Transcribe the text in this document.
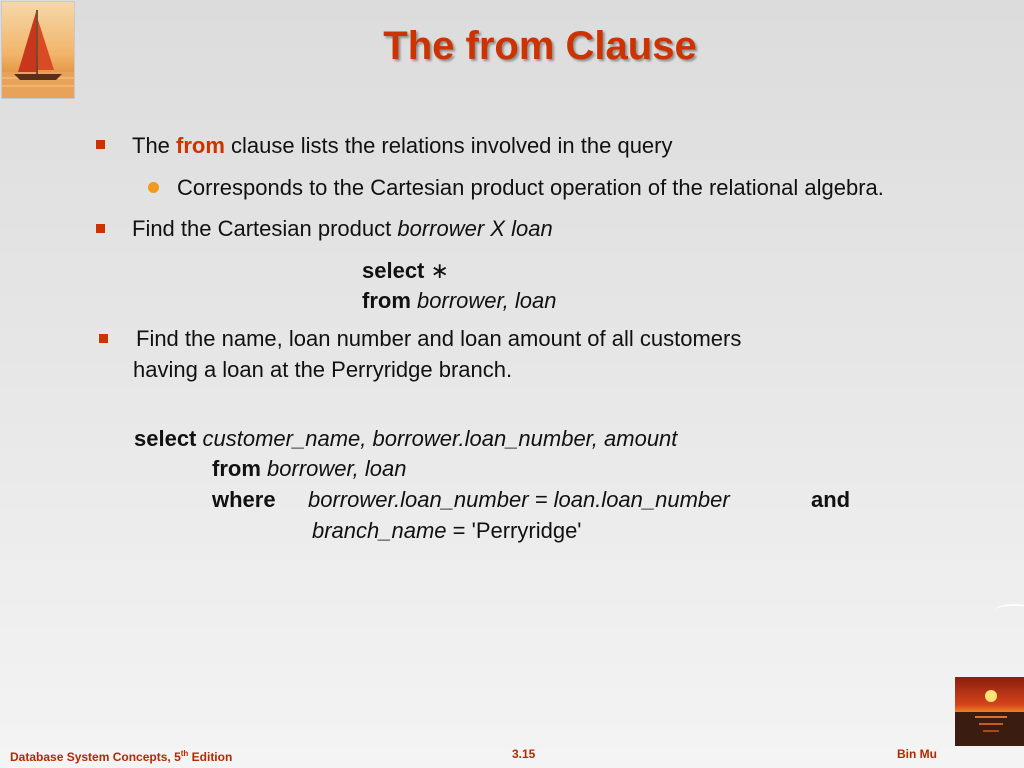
The from Clause
The from clause lists the relations involved in the query
Corresponds to the Cartesian product operation of the relational algebra.
Find the Cartesian product borrower X loan
select ∗
from borrower, loan
Find the name, loan number and loan amount of all customers
having a loan at the Perryridge branch.
select customer_name, borrower.loan_number, amount
from borrower, loan
where borrower.loan_number = loan.loan_number	and
branch_name = 'Perryridge'
Database System Concepts, 5th Edition	3.15	Bin Mu
